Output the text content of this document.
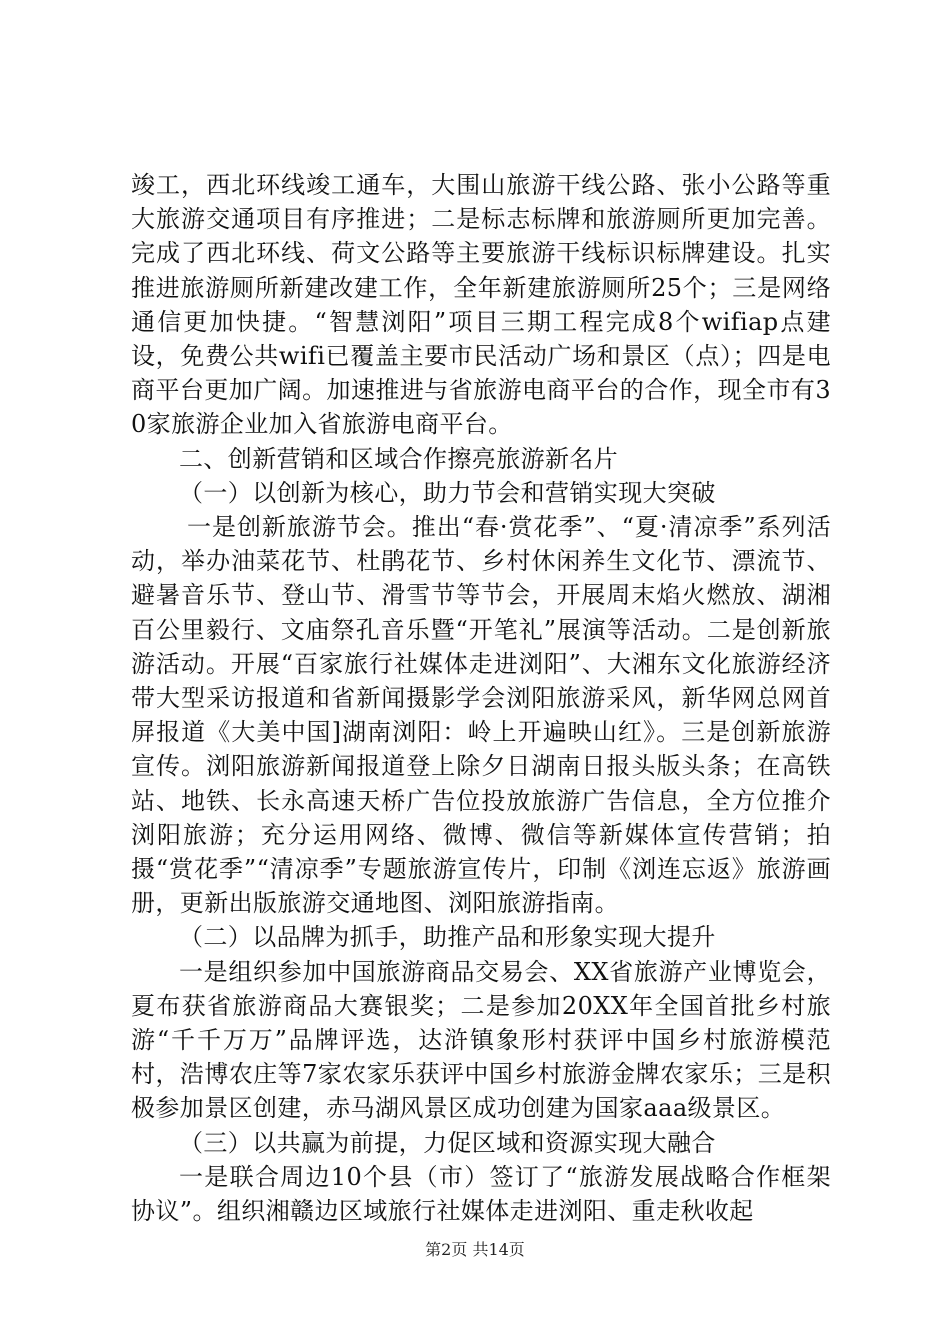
竣工，西北环线竣工通车，大围山旅游干线公路、张小公路等重大旅游交通项目有序推进；二是标志标牌和旅游厕所更加完善。完成了西北环线、荷文公路等主要旅游干线标识标牌建设。扎实推进旅游厕所新建改建工作，全年新建旅游厕所25个；三是网络通信更加快捷。“智慧浏阳”项目三期工程完成8个wifiap点建设，免费公共wifi已覆盖主要市民活动广场和景区（点）；四是电商平台更加广阔。加速推进与省旅游电商平台的合作，现全市有30家旅游企业加入省旅游电商平台。

二、创新营销和区域合作擦亮旅游新名片

（一）以创新为核心，助力节会和营销实现大突破

一是创新旅游节会。推出“春·赏花季”、“夏·清凉季”系列活动，举办油菜花节、杜鹃花节、乡村休闲养生文化节、漂流节、避暑音乐节、登山节、滑雪节等节会，开展周末焰火燃放、湖湘百公里毅行、文庙祭孔音乐暨“开笔礼”展演等活动。二是创新旅游活动。开展“百家旅行社媒体走进浏阳”、大湘东文化旅游经济带大型采访报道和省新闻摄影学会浏阳旅游采风，新华网总网首屏报道《大美中国]湖南浏阳：岭上开遍映山红》。三是创新旅游宣传。浏阳旅游新闻报道登上除夕日湖南日报头版头条；在高铁站、地铁、长永高速天桥广告位投放旅游广告信息，全方位推介浏阳旅游；充分运用网络、微博、微信等新媒体宣传营销；拍摄“赏花季”“清凉季”专题旅游宣传片，印制《浏连忘返》旅游画册，更新出版旅游交通地图、浏阳旅游指南。

（二）以品牌为抓手，助推产品和形象实现大提升

一是组织参加中国旅游商品交易会、XX省旅游产业博览会，夏布获省旅游商品大赛银奖；二是参加20XX年全国首批乡村旅游“千千万万”品牌评选，达浒镇象形村获评中国乡村旅游模范村，浩博农庄等7家农家乐获评中国乡村旅游金牌农家乐；三是积极参加景区创建，赤马湖风景区成功创建为国家aaa级景区。

（三）以共赢为前提，力促区域和资源实现大融合

一是联合周边10个县（市）签订了“旅游发展战略合作框架协议”。组织湘赣边区域旅行社媒体走进浏阳、重走秋收起

第2页 共14页
